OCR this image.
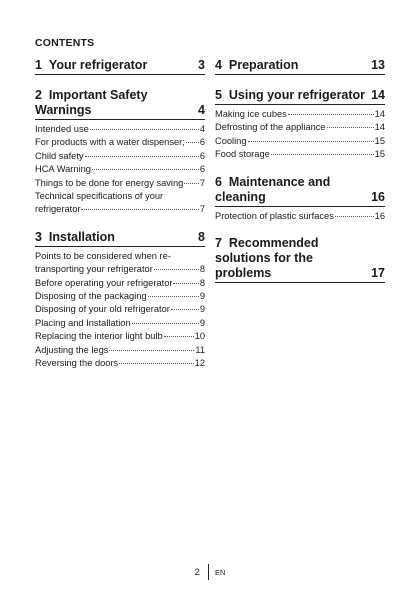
CONTENTS
1 Your refrigerator	3
2 Important Safety Warnings	4
Intended use	4
For products with a water dispenser; 6
Child safety	6
HCA Warning	6
Things to be done for energy saving 7
Technical specifications of your
refrigerator	7
3 Installation	8
Points to be considered when re-
transporting your refrigerator	8
Before operating your refrigerator	8
Disposing of the packaging	9
Disposing of your old refrigerator	9
Placing and Installation	9
Replacing the interior light bulb	10
Adjusting the legs	11
Reversing the doors	12
4 Preparation	13
5 Using your refrigerator 14
Making ice cubes	14
Defrosting of the appliance	14
Cooling	15
Food storage	15
6 Maintenance and cleaning	16
Protection of plastic surfaces	16
7 Recommended solutions for the problems	17
2	EN
